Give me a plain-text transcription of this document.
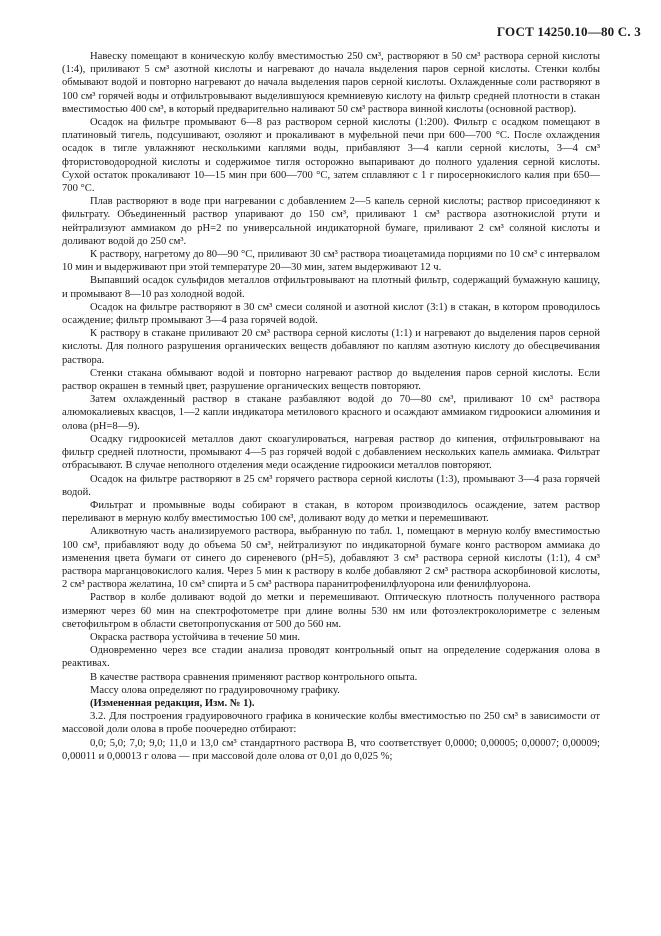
ГОСТ 14250.10—80 С. 3

Навеску помещают в коническую колбу вместимостью 250 см³, растворяют в 50 см³ раствора серной кислоты (1:4), приливают 5 см³ азотной кислоты и нагревают до начала выделения паров серной кислоты. Стенки колбы обмывают водой и повторно нагревают до начала выделения паров серной кислоты. Охлажденные соли растворяют в 100 см³ горячей воды и отфильтровывают выделившуюся кремниевую кислоту на фильтр средней плотности в стакан вместимостью 400 см³, в который предварительно наливают 50 см³ раствора винной кислоты (основной раствор).

Осадок на фильтре промывают 6—8 раз раствором серной кислоты (1:200). Фильтр с осадком помещают в платиновый тигель, подсушивают, озоляют и прокаливают в муфельной печи при 600—700 °С. После охлаждения осадок в тигле увлажняют несколькими каплями воды, прибавляют 3—4 капли серной кислоты, 3—4 см³ фтористоводородной кислоты и содержимое тигля осторожно выпаривают до полного удаления серной кислоты. Сухой остаток прокаливают 10—15 мин при 600—700 °С, затем сплавляют с 1 г пиросернокислого калия при 650—700 °С.

Плав растворяют в воде при нагревании с добавлением 2—5 капель серной кислоты; раствор присоединяют к фильтрату. Объединенный раствор упаривают до 150 см³, приливают 1 см³ раствора азотнокислой ртути и нейтрализуют аммиаком до pH=2 по универсальной индикаторной бумаге, приливают 2 см³ соляной кислоты и доливают водой до 250 см³.

К раствору, нагретому до 80—90 °С, приливают 30 см³ раствора тиоацетамида порциями по 10 см³ с интервалом 10 мин и выдерживают при этой температуре 20—30 мин, затем выдерживают 12 ч.

Выпавший осадок сульфидов металлов отфильтровывают на плотный фильтр, содержащий бумажную кашицу, и промывают 8—10 раз холодной водой.

Осадок на фильтре растворяют в 30 см³ смеси соляной и азотной кислот (3:1) в стакан, в котором проводилось осаждение; фильтр промывают 3—4 раза горячей водой.

К раствору в стакане приливают 20 см³ раствора серной кислоты (1:1) и нагревают до выделения паров серной кислоты. Для полного разрушения органических веществ добавляют по каплям азотную кислоту до обесцвечивания раствора.

Стенки стакана обмывают водой и повторно нагревают раствор до выделения паров серной кислоты. Если раствор окрашен в темный цвет, разрушение органических веществ повторяют.

Затем охлажденный раствор в стакане разбавляют водой до 70—80 см³, приливают 10 см³ раствора алюмокалиевых квасцов, 1—2 капли индикатора метилового красного и осаждают аммиаком гидроокиси алюминия и олова (pH=8—9).

Осадку гидроокисей металлов дают скоагулироваться, нагревая раствор до кипения, отфильтровывают на фильтр средней плотности, промывают 4—5 раз горячей водой с добавлением нескольких капель аммиака. Фильтрат отбрасывают. В случае неполного отделения меди осаждение гидроокиси металлов повторяют.

Осадок на фильтре растворяют в 25 см³ горячего раствора серной кислоты (1:3), промывают 3—4 раза горячей водой.

Фильтрат и промывные воды собирают в стакан, в котором производилось осаждение, затем раствор переливают в мерную колбу вместимостью 100 см³, доливают воду до метки и перемешивают.

Аликвотную часть анализируемого раствора, выбранную по табл. 1, помещают в мерную колбу вместимостью 100 см³, прибавляют воду до объема 50 см³, нейтрализуют по индикаторной бумаге конго раствором аммиака до изменения цвета бумаги от синего до сиреневого (pH=5), добавляют 3 см³ раствора серной кислоты (1:1), 4 см³ раствора марганцовокислого калия. Через 5 мин к раствору в колбе добавляют 2 см³ раствора аскорбиновой кислоты, 2 см³ раствора желатина, 10 см³ спирта и 5 см³ раствора паранитрофенилфлуорона или фенилфлуорона.

Раствор в колбе доливают водой до метки и перемешивают. Оптическую плотность полученного раствора измеряют через 60 мин на спектрофотометре при длине волны 530 нм или фотоэлектроколориметре с зеленым светофильтром в области светопропускания от 500 до 560 нм.

Окраска раствора устойчива в течение 50 мин.

Одновременно через все стадии анализа проводят контрольный опыт на определение содержания олова в реактивах.

В качестве раствора сравнения применяют раствор контрольного опыта.

Массу олова определяют по градуировочному графику.

(Измененная редакция, Изм. № 1).

3.2. Для построения градуировочного графика в конические колбы вместимостью по 250 см³ в зависимости от массовой доли олова в пробе поочередно отбирают:

0,0; 5,0; 7,0; 9,0; 11,0 и 13,0 см³ стандартного раствора В, что соответствует 0,0000; 0,00005; 0,00007; 0,00009; 0,00011 и 0,00013 г олова — при массовой доле олова от 0,01 до 0,025 %;
